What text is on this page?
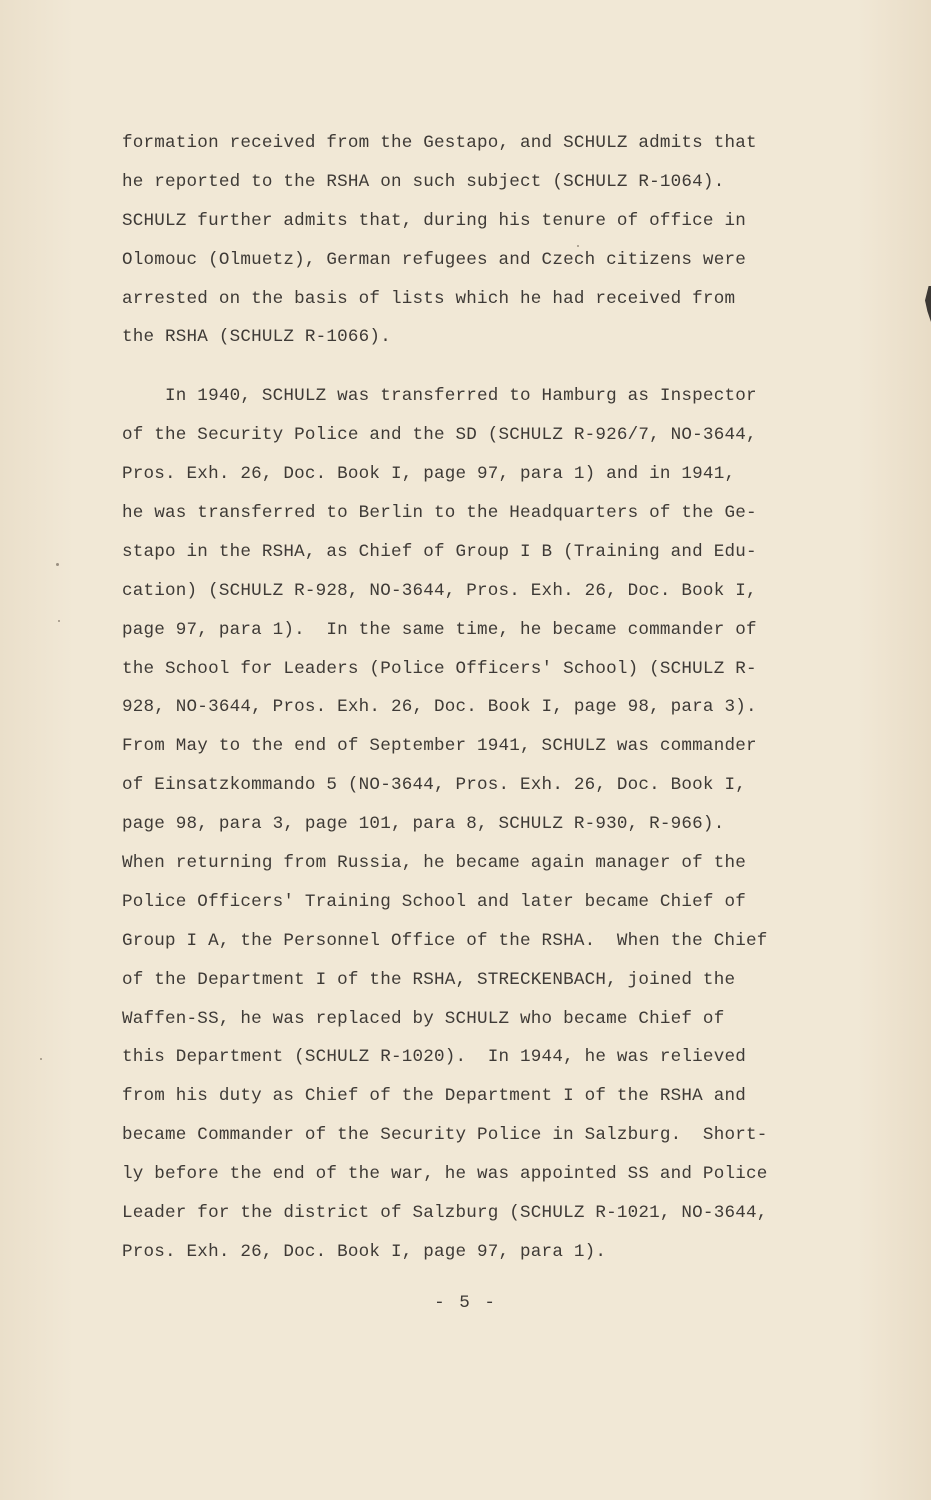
formation received from the Gestapo, and SCHULZ admits that
he reported to the RSHA on such subject (SCHULZ R-1064).
SCHULZ further admits that, during his tenure of office in
Olomouc (Olmuetz), German refugees and Czech citizens were
arrested on the basis of lists which he had received from
the RSHA (SCHULZ R-1066).
In 1940, SCHULZ was transferred to Hamburg as Inspector
of the Security Police and the SD (SCHULZ R-926/7, NO-3644,
Pros. Exh. 26, Doc. Book I, page 97, para 1) and in 1941,
he was transferred to Berlin to the Headquarters of the Ge-
stapo in the RSHA, as Chief of Group I B (Training and Edu-
cation) (SCHULZ R-928, NO-3644, Pros. Exh. 26, Doc. Book I,
page 97, para 1).  In the same time, he became commander of
the School for Leaders (Police Officers' School) (SCHULZ R-
928, NO-3644, Pros. Exh. 26, Doc. Book I, page 98, para 3).
From May to the end of September 1941, SCHULZ was commander
of Einsatzkommando 5 (NO-3644, Pros. Exh. 26, Doc. Book I,
page 98, para 3, page 101, para 8, SCHULZ R-930, R-966).
When returning from Russia, he became again manager of the
Police Officers' Training School and later became Chief of
Group I A, the Personnel Office of the RSHA.  When the Chief
of the Department I of the RSHA, STRECKENBACH, joined the
Waffen-SS, he was replaced by SCHULZ who became Chief of
this Department (SCHULZ R-1020).  In 1944, he was relieved
from his duty as Chief of the Department I of the RSHA and
became Commander of the Security Police in Salzburg.  Short-
ly before the end of the war, he was appointed SS and Police
Leader for the district of Salzburg (SCHULZ R-1021, NO-3644,
Pros. Exh. 26, Doc. Book I, page 97, para 1).
- 5 -
